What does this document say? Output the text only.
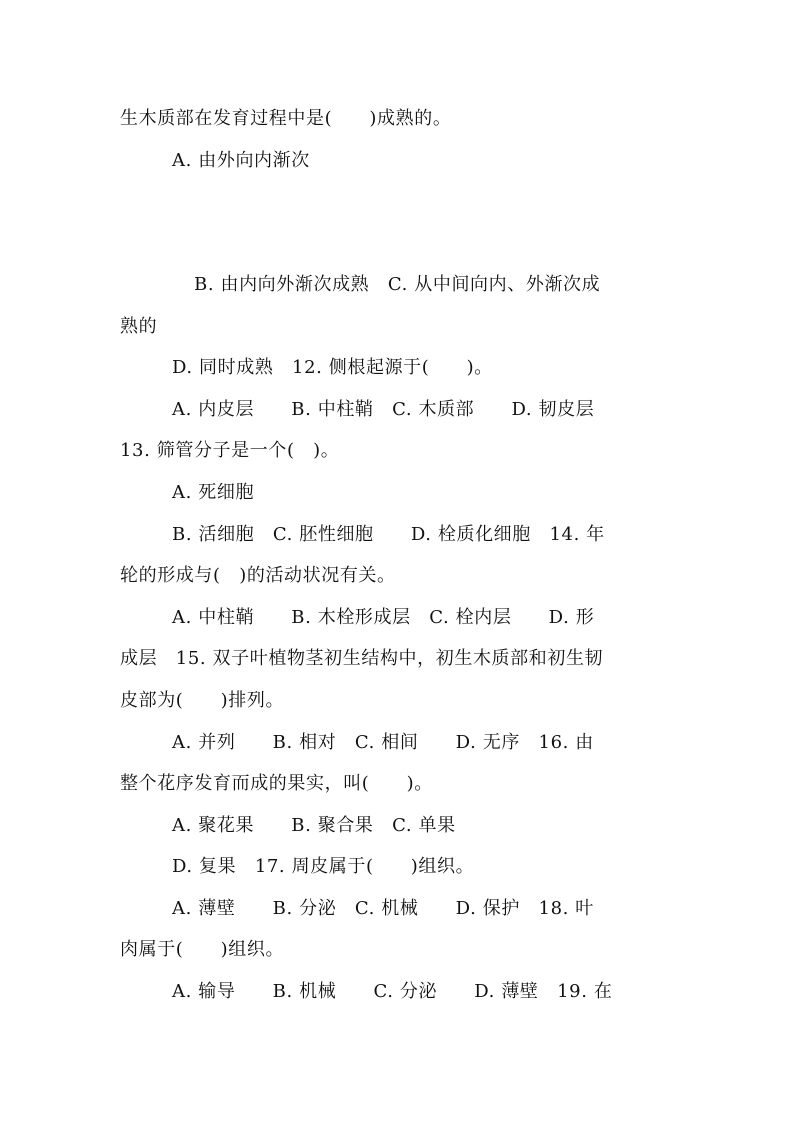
生木质部在发育过程中是(　　)成熟的。
A. 由外向内渐次
B. 由内向外渐次成熟　C. 从中间向内、外渐次成
熟的
D. 同时成熟　12. 侧根起源于(　　)。
A. 内皮层　　B. 中柱鞘　C. 木质部　　D. 韧皮层
13. 筛管分子是一个(　)。
A. 死细胞
B. 活细胞　C. 胚性细胞　　D. 栓质化细胞　14. 年
轮的形成与(　)的活动状况有关。
A. 中柱鞘　　B. 木栓形成层　C. 栓内层　　D. 形
成层　15. 双子叶植物茎初生结构中，初生木质部和初生韧
皮部为(　　)排列。
A. 并列　　B. 相对　C. 相间　　D. 无序　16. 由
整个花序发育而成的果实，叫(　　)。
A. 聚花果　　B. 聚合果　C. 单果
D. 复果　17. 周皮属于(　　)组织。
A. 薄壁　　B. 分泌　C. 机械　　D. 保护　18. 叶
肉属于(　　)组织。
A. 输导　　B. 机械　　C. 分泌　　D. 薄壁　19. 在
